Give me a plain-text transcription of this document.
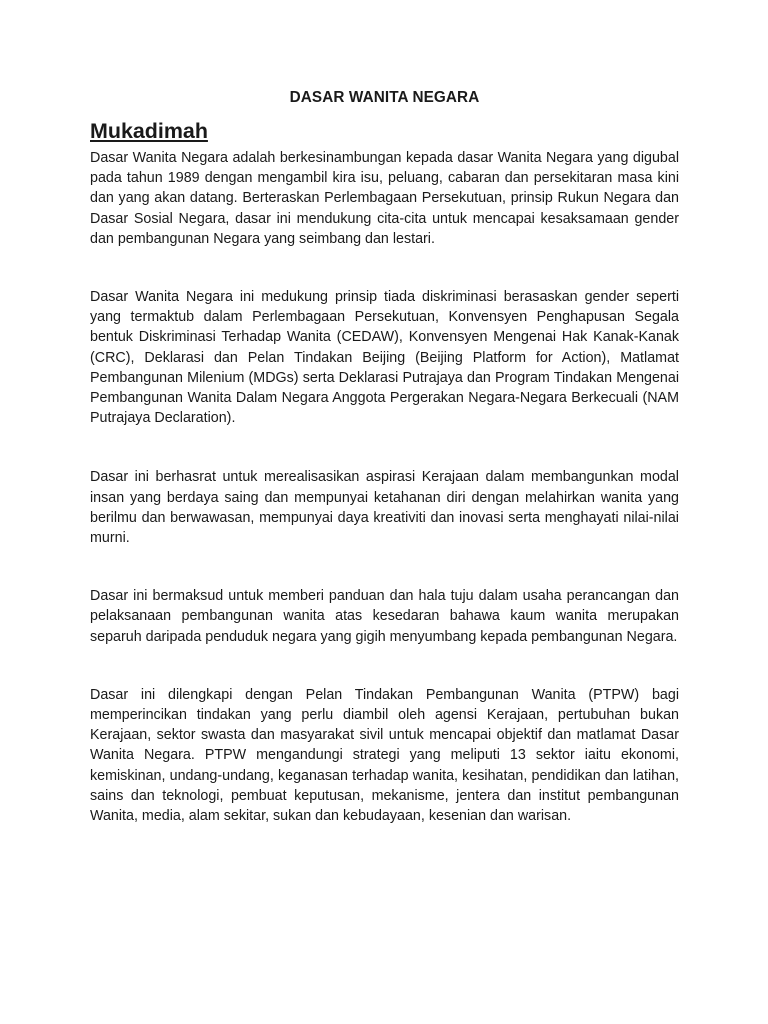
DASAR WANITA NEGARA
Mukadimah

Dasar Wanita Negara adalah berkesinambungan kepada dasar Wanita Negara yang digubal pada tahun 1989 dengan mengambil kira isu, peluang, cabaran dan persekitaran masa kini dan yang akan datang. Berteraskan Perlembagaan Persekutuan, prinsip Rukun Negara dan Dasar Sosial Negara, dasar ini mendukung cita-cita untuk mencapai kesaksamaan gender dan pembangunan Negara yang seimbang dan lestari.

Dasar Wanita Negara ini medukung prinsip tiada diskriminasi berasaskan gender seperti yang termaktub dalam Perlembagaan Persekutuan, Konvensyen Penghapusan Segala bentuk Diskriminasi Terhadap Wanita (CEDAW), Konvensyen Mengenai Hak Kanak-Kanak (CRC), Deklarasi dan Pelan Tindakan Beijing (Beijing Platform for Action), Matlamat Pembangunan Milenium (MDGs) serta Deklarasi Putrajaya dan Program Tindakan Mengenai Pembangunan Wanita Dalam Negara Anggota Pergerakan Negara-Negara Berkecuali (NAM Putrajaya Declaration).

Dasar ini berhasrat untuk merealisasikan aspirasi Kerajaan dalam membangunkan modal insan yang berdaya saing dan mempunyai ketahanan diri dengan melahirkan wanita yang berilmu dan berwawasan, mempunyai daya kreativiti dan inovasi serta menghayati nilai-nilai murni.

Dasar ini bermaksud untuk memberi panduan dan hala tuju dalam usaha perancangan dan pelaksanaan pembangunan wanita atas kesedaran bahawa kaum wanita merupakan separuh daripada penduduk negara yang gigih menyumbang kepada pembangunan Negara.

Dasar ini dilengkapi dengan Pelan Tindakan Pembangunan Wanita (PTPW) bagi memperincikan tindakan yang perlu diambil oleh agensi Kerajaan, pertubuhan bukan Kerajaan, sektor swasta dan masyarakat sivil untuk mencapai objektif dan matlamat Dasar Wanita Negara. PTPW mengandungi strategi yang meliputi 13 sektor iaitu ekonomi, kemiskinan, undang-undang, keganasan terhadap wanita, kesihatan, pendidikan dan latihan, sains dan teknologi, pembuat keputusan, mekanisme, jentera dan institut pembangunan Wanita, media, alam sekitar, sukan dan kebudayaan, kesenian dan warisan.
